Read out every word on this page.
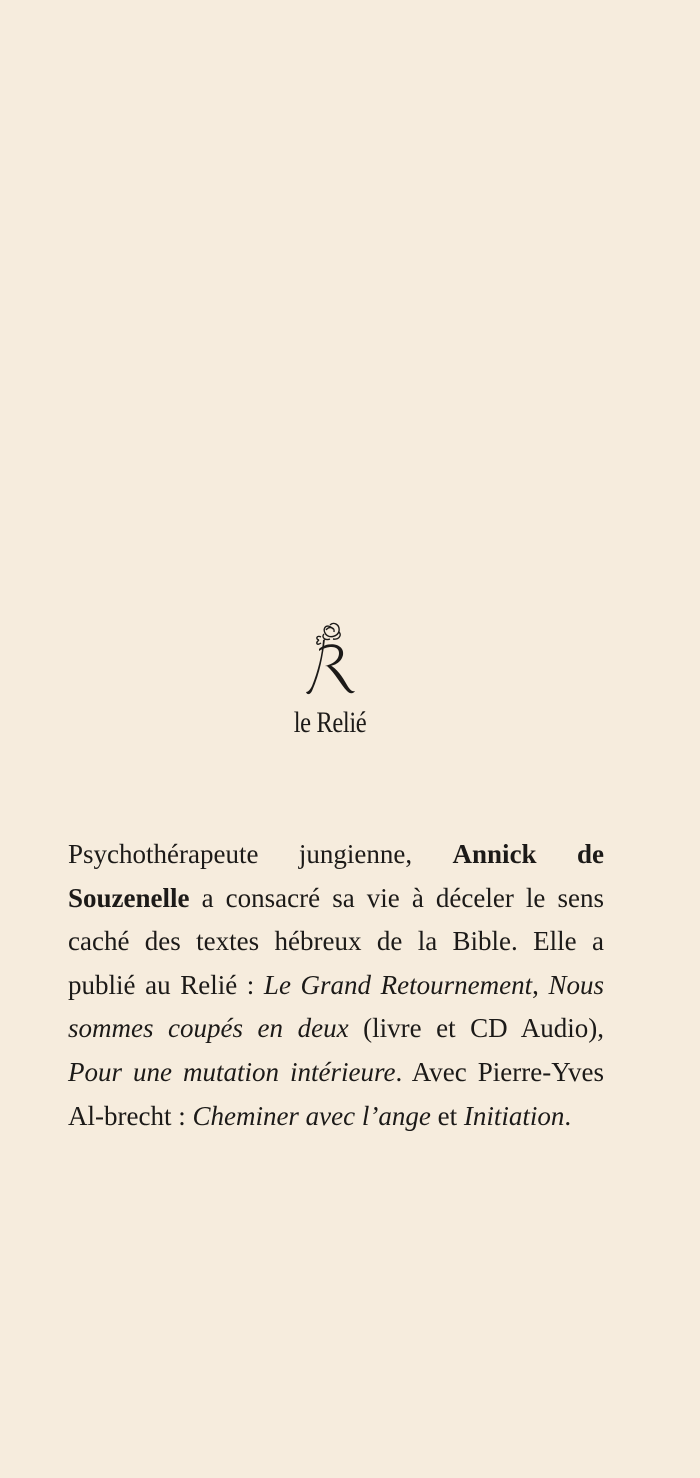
le Relié

Psychothérapeute jungienne, Annick de Souzenelle a consacré sa vie à déceler le sens caché des textes hébreux de la Bible. Elle a publié au Relié : Le Grand Retournement, Nous sommes coupés en deux (livre et CD Audio), Pour une mutation intérieure. Avec Pierre-Yves Al-brecht : Cheminer avec l’ange et Initiation.
